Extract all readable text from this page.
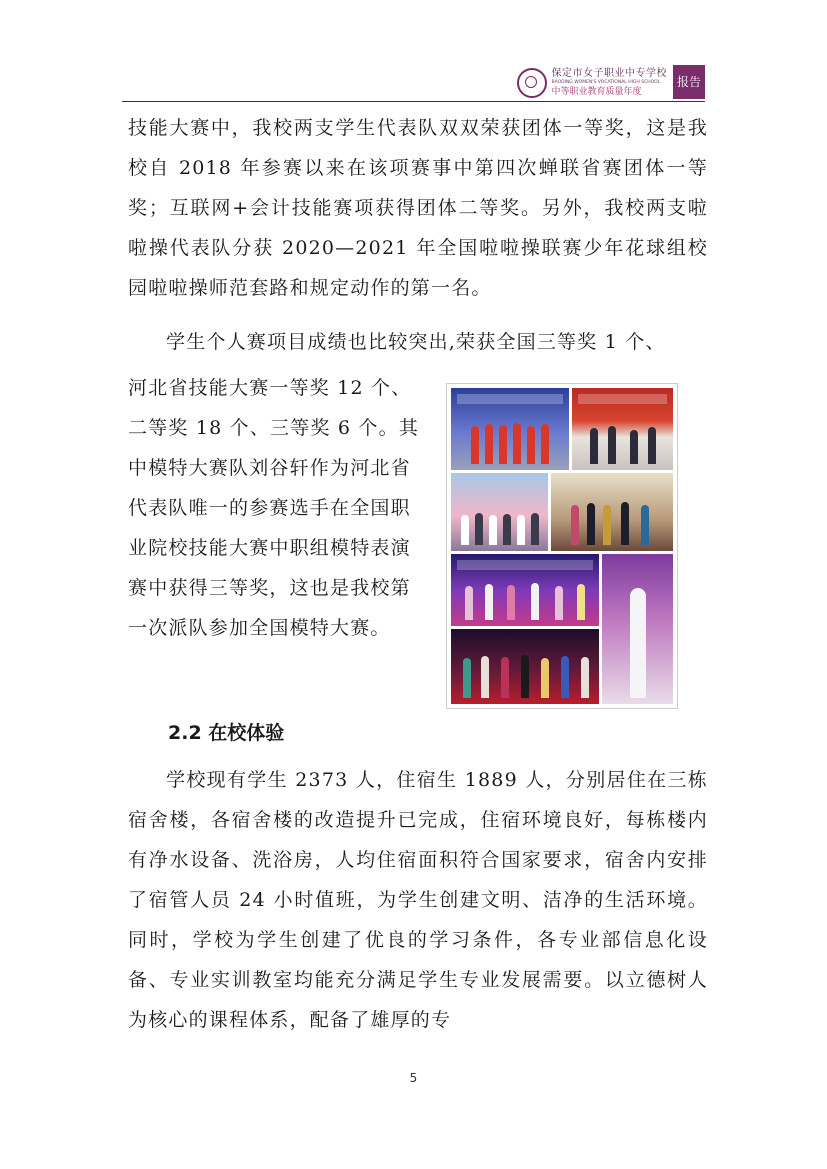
保定市女子职业中专学校
BAODING WOMEN'S VOCATIONAL HIGH SCHOOL
中等职业教育质量年度
报告
技能大赛中，我校两支学生代表队双双荣获团体一等奖，这是我校自 2018 年参赛以来在该项赛事中第四次蝉联省赛团体一等奖；互联网+会计技能赛项获得团体二等奖。另外，我校两支啦啦操代表队分获 2020—2021 年全国啦啦操联赛少年花球组校园啦啦操师范套路和规定动作的第一名。
学生个人赛项目成绩也比较突出,荣获全国三等奖 1 个、
河北省技能大赛一等奖 12 个、二等奖 18 个、三等奖 6 个。其中模特大赛队刘谷轩作为河北省代表队唯一的参赛选手在全国职业院校技能大赛中职组模特表演赛中获得三等奖，这也是我校第一次派队参加全国模特大赛。
2.2 在校体验
学校现有学生 2373 人，住宿生 1889 人，分别居住在三栋宿舍楼，各宿舍楼的改造提升已完成，住宿环境良好，每栋楼内有净水设备、洗浴房，人均住宿面积符合国家要求，宿舍内安排了宿管人员 24 小时值班，为学生创建文明、洁净的生活环境。同时，学校为学生创建了优良的学习条件，各专业部信息化设备、专业实训教室均能充分满足学生专业发展需要。以立德树人为核心的课程体系，配备了雄厚的专
5
